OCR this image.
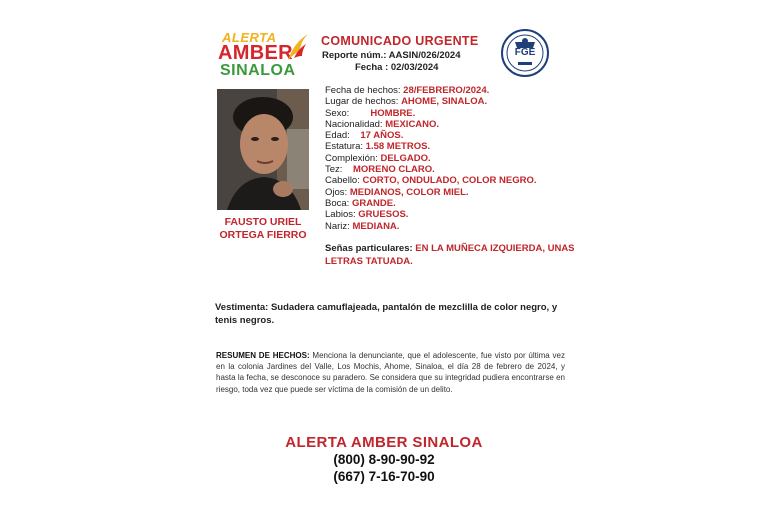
ALERTA
AMBER
SINALOA
COMUNICADO URGENTE
Reporte núm.: AASIN/026/2024
Fecha : 02/03/2024
FGE
FAUSTO URIEL
ORTEGA FIERRO
Fecha de hechos: 28/FEBRERO/2024.
Lugar de hechos: AHOME, SINALOA.
Sexo:        HOMBRE.
Nacionalidad: MEXICANO.
Edad:    17 AÑOS.
Estatura: 1.58 METROS.
Complexión: DELGADO.
Tez:    MORENO CLARO.
Cabello: CORTO, ONDULADO, COLOR NEGRO.
Ojos: MEDIANOS, COLOR MIEL.
Boca: GRANDE.
Labios: GRUESOS.
Nariz: MEDIANA.
Señas particulares: EN LA MUÑECA IZQUIERDA, UNAS LETRAS TATUADA.
Vestimenta: Sudadera camuflajeada, pantalón de mezclilla de color negro, y tenis negros.
RESUMEN DE HECHOS: Menciona la denunciante, que el adolescente, fue visto por última vez en la colonia Jardines del Valle, Los Mochis, Ahome, Sinaloa, el día 28 de febrero de 2024, y hasta la fecha, se desconoce su paradero. Se considera que su integridad pudiera encontrarse en riesgo, toda vez que puede ser víctima de la comisión de un delito.
ALERTA AMBER SINALOA
(800) 8-90-90-92
(667) 7-16-70-90
